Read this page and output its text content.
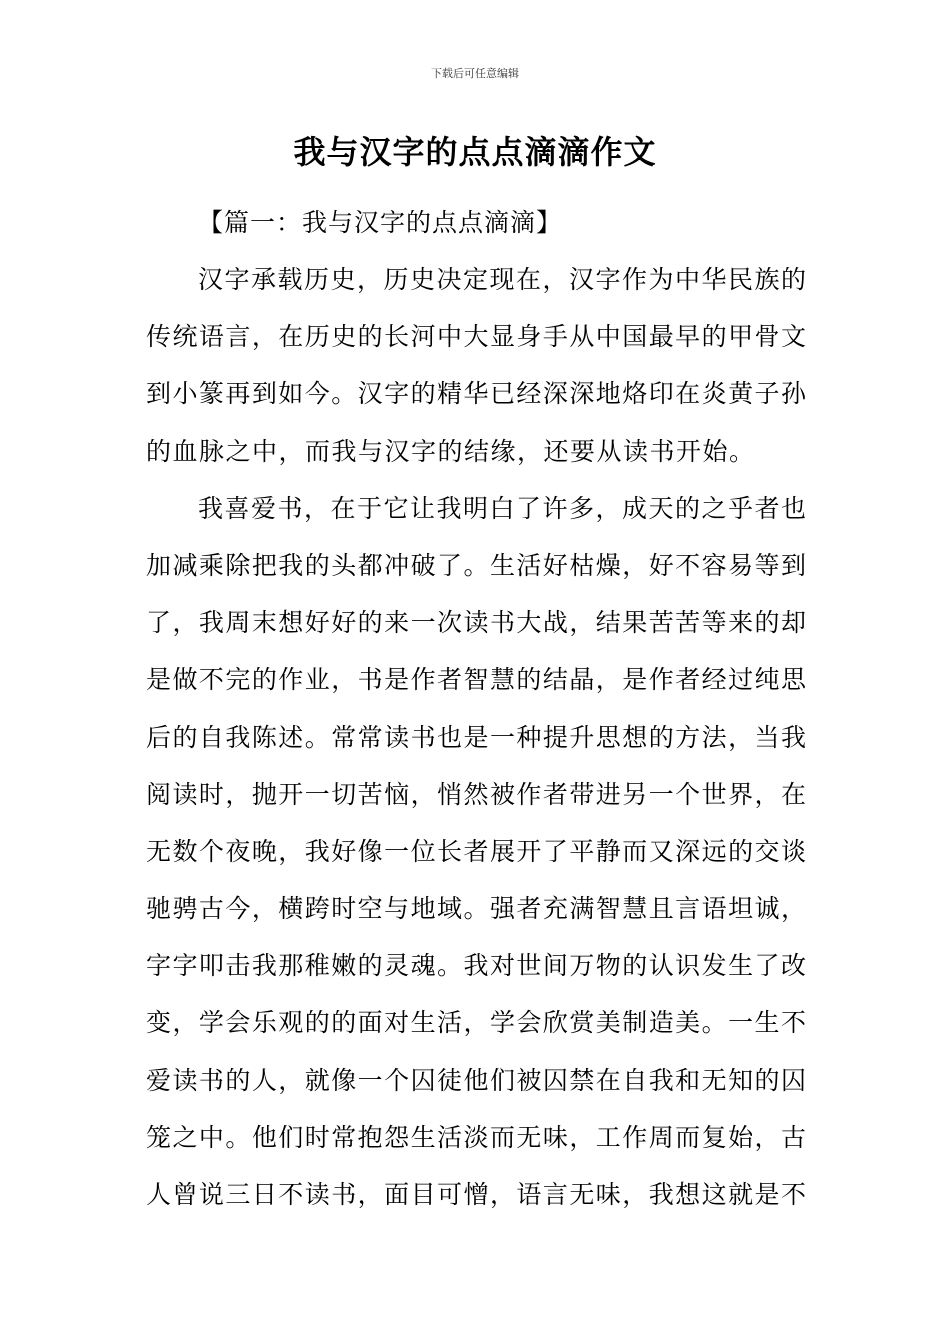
下载后可任意编辑
我与汉字的点点滴滴作文
【篇一：我与汉字的点点滴滴】
汉字承载历史，历史决定现在，汉字作为中华民族的
传统语言，在历史的长河中大显身手从中国最早的甲骨文
到小篆再到如今。汉字的精华已经深深地烙印在炎黄子孙
的血脉之中，而我与汉字的结缘，还要从读书开始。
我喜爱书，在于它让我明白了许多，成天的之乎者也
加减乘除把我的头都冲破了。生活好枯燥，好不容易等到
了，我周末想好好的来一次读书大战，结果苦苦等来的却
是做不完的作业，书是作者智慧的结晶，是作者经过纯思
后的自我陈述。常常读书也是一种提升思想的方法，当我
阅读时，抛开一切苦恼，悄然被作者带进另一个世界，在
无数个夜晚，我好像一位长者展开了平静而又深远的交谈
驰骋古今，横跨时空与地域。强者充满智慧且言语坦诚，
字字叩击我那稚嫩的灵魂。我对世间万物的认识发生了改
变，学会乐观的的面对生活，学会欣赏美制造美。一生不
爱读书的人，就像一个囚徒他们被囚禁在自我和无知的囚
笼之中。他们时常抱怨生活淡而无味，工作周而复始，古
人曾说三日不读书，面目可憎，语言无味，我想这就是不
